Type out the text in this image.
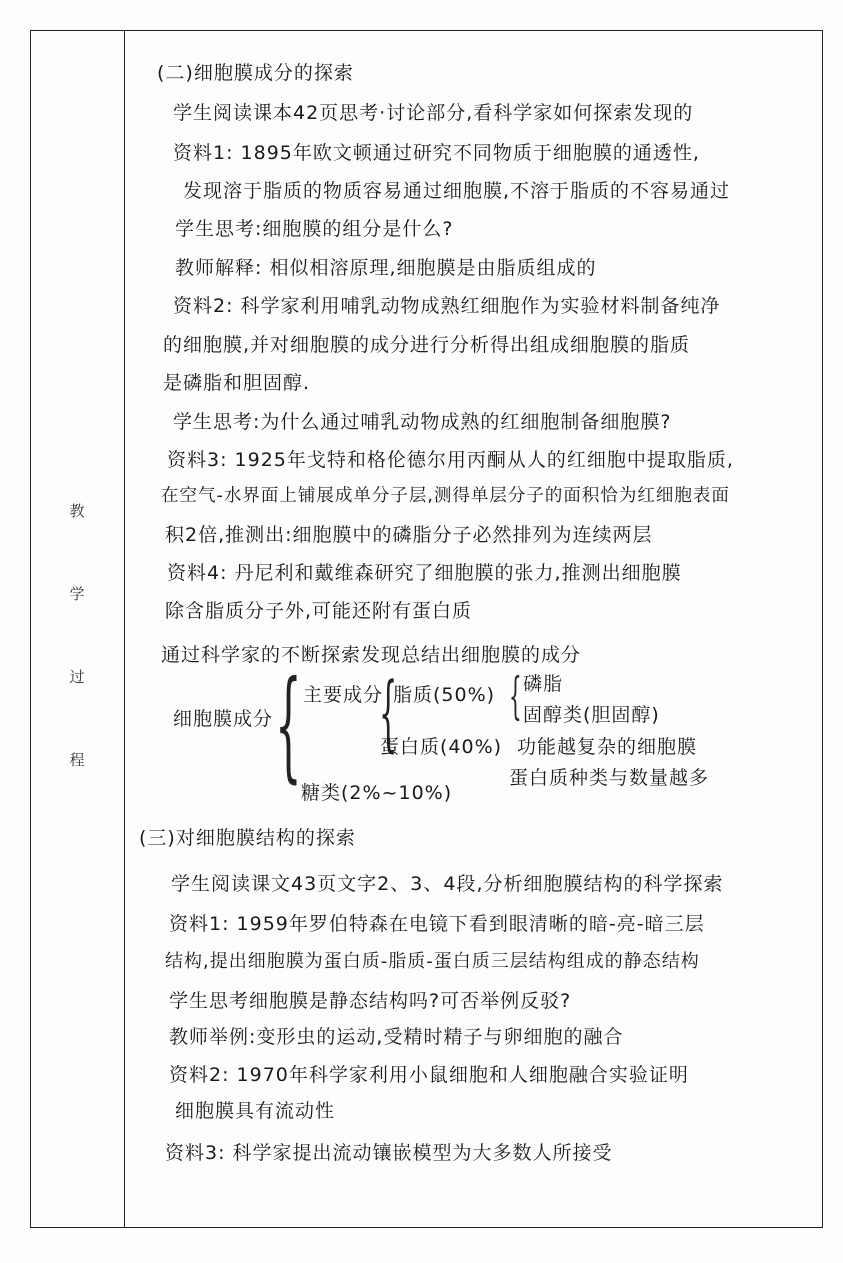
教
学
过
程
(二)细胞膜成分的探索
学生阅读课本42页思考·讨论部分,看科学家如何探索发现的
资料1: 1895年欧文顿通过研究不同物质于细胞膜的通透性,
发现溶于脂质的物质容易通过细胞膜,不溶于脂质的不容易通过
学生思考:细胞膜的组分是什么?
教师解释: 相似相溶原理,细胞膜是由脂质组成的
资料2: 科学家利用哺乳动物成熟红细胞作为实验材料制备纯净
的细胞膜,并对细胞膜的成分进行分析得出组成细胞膜的脂质
是磷脂和胆固醇.
学生思考:为什么通过哺乳动物成熟的红细胞制备细胞膜?
资料3: 1925年戈特和格伦德尔用丙酮从人的红细胞中提取脂质,
在空气-水界面上铺展成单分子层,测得单层分子的面积恰为红细胞表面
积2倍,推测出:细胞膜中的磷脂分子必然排列为连续两层
资料4: 丹尼利和戴维森研究了细胞膜的张力,推测出细胞膜
除含脂质分子外,可能还附有蛋白质
通过科学家的不断探索发现总结出细胞膜的成分
细胞膜成分 { 主要成分
{
脂质(50%) { 磷脂
固醇类(胆固醇)
蛋白质(40%) 功能越复杂的细胞膜
蛋白质种类与数量越多
糖类(2%~10%)
(三)对细胞膜结构的探索
学生阅读课文43页文字2、3、4段,分析细胞膜结构的科学探索
资料1: 1959年罗伯特森在电镜下看到眼清晰的暗-亮-暗三层
结构,提出细胞膜为蛋白质-脂质-蛋白质三层结构组成的静态结构
学生思考细胞膜是静态结构吗?可否举例反驳?
教师举例:变形虫的运动,受精时精子与卵细胞的融合
资料2: 1970年科学家利用小鼠细胞和人细胞融合实验证明
细胞膜具有流动性
资料3: 科学家提出流动镶嵌模型为大多数人所接受
